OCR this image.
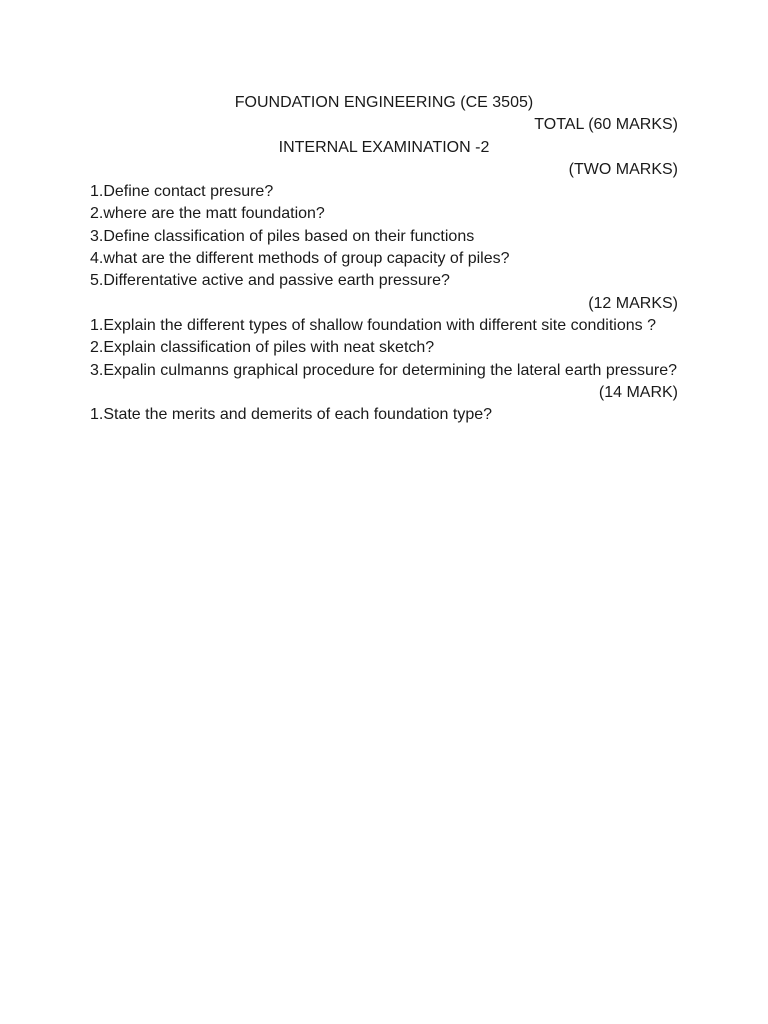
FOUNDATION ENGINEERING (CE 3505)
TOTAL (60 MARKS)
INTERNAL EXAMINATION -2
(TWO MARKS)
1.Define contact presure?
2.where are the matt foundation?
3.Define classification of piles based on their functions
4.what are the different methods of group capacity of piles?
5.Differentative active and passive earth pressure?
(12 MARKS)
1.Explain the different types of shallow foundation with different site conditions ?
2.Explain classification of piles with neat sketch?
3.Expalin culmanns graphical procedure for determining the lateral earth pressure?
(14 MARK)
1.State the merits and demerits of each foundation type?
